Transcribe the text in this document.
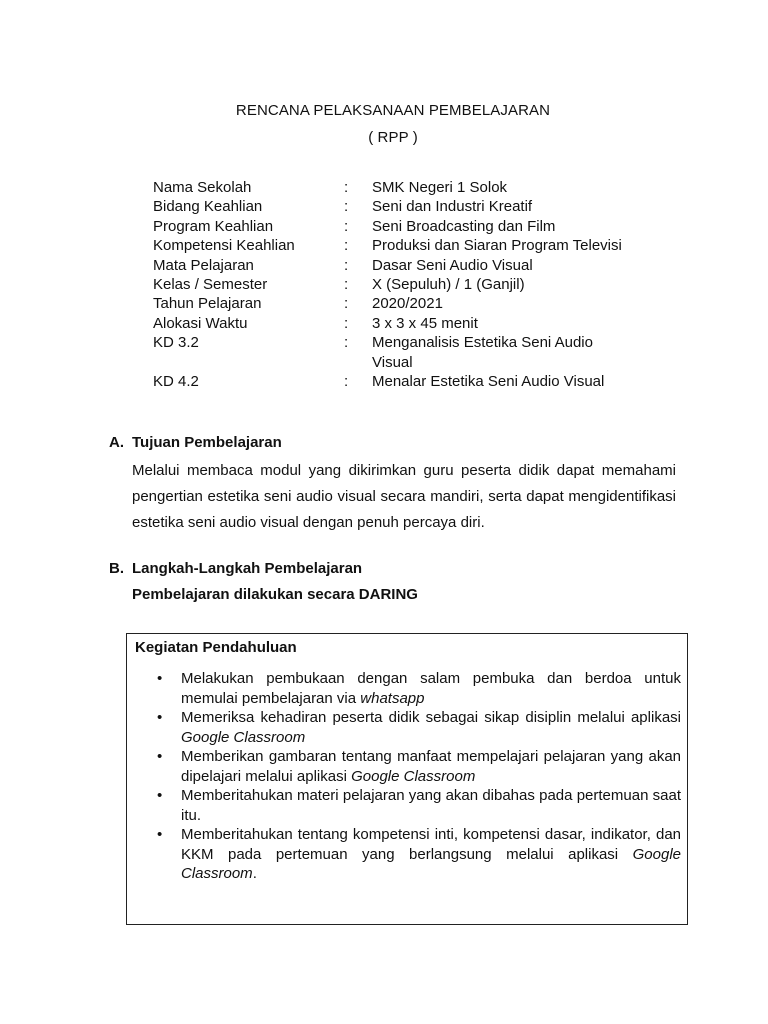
RENCANA PELAKSANAAN PEMBELAJARAN
( RPP )
Nama Sekolah	: SMK Negeri 1 Solok
Bidang Keahlian	: Seni dan Industri Kreatif
Program Keahlian	: Seni Broadcasting dan Film
Kompetensi Keahlian	: Produksi dan Siaran Program Televisi
Mata Pelajaran	: Dasar Seni Audio Visual
Kelas / Semester	: X (Sepuluh) / 1 (Ganjil)
Tahun Pelajaran	: 2020/2021
Alokasi Waktu	: 3 x 3 x 45 menit
KD 3.2	: Menganalisis Estetika Seni Audio Visual
KD 4.2	: Menalar Estetika Seni Audio Visual
A. Tujuan Pembelajaran
Melalui membaca modul yang dikirimkan guru peserta didik dapat memahami pengertian estetika seni audio visual secara mandiri, serta dapat mengidentifikasi estetika seni audio visual dengan penuh percaya diri.
B. Langkah-Langkah Pembelajaran
Pembelajaran dilakukan secara DARING
Kegiatan Pendahuluan
• Melakukan pembukaan dengan salam pembuka dan berdoa untuk memulai pembelajaran via whatsapp
• Memeriksa kehadiran peserta didik sebagai sikap disiplin melalui aplikasi Google Classroom
• Memberikan gambaran tentang manfaat mempelajari pelajaran yang akan dipelajari melalui aplikasi Google Classroom
• Memberitahukan materi pelajaran yang akan dibahas pada pertemuan saat itu.
• Memberitahukan tentang kompetensi inti, kompetensi dasar, indikator, dan KKM pada pertemuan yang berlangsung melalui aplikasi Google Classroom.
